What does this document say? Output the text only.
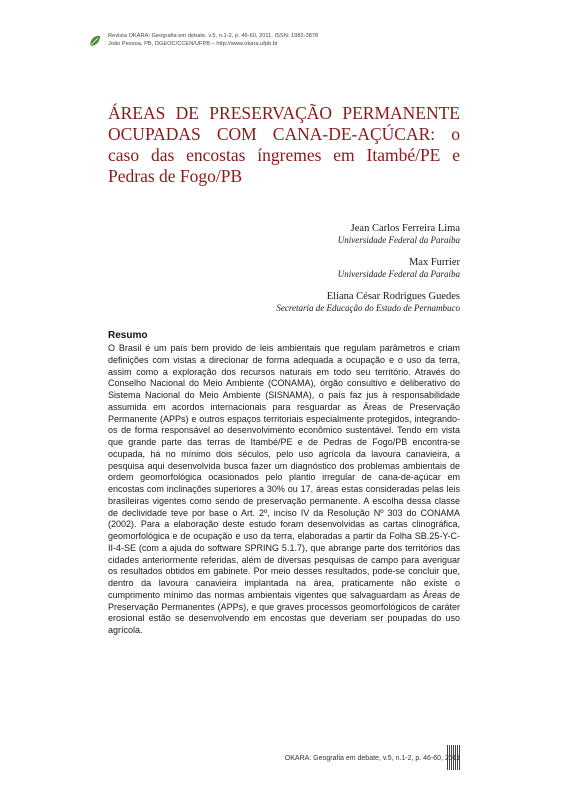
Revista OKARA: Geografia em debate, v.5, n.1-2, p. 46-60, 2011. ISSN: 1982-3878
João Pessoa, PB, DGEOC/CCEN/UFPB – http://www.okara.ufpb.br
ÁREAS DE PRESERVAÇÃO PERMANENTE OCUPADAS COM CANA-DE-AÇÚCAR: o caso das encostas íngremes em Itambé/PE e Pedras de Fogo/PB
Jean Carlos Ferreira Lima
Universidade Federal da Paraíba
Max Furrier
Universidade Federal da Paraíba
Eliana César Rodrigues Guedes
Secretaria de Educação do Estado de Pernambuco
Resumo

O Brasil é um país bem provido de leis ambientais que regulam parâmetros e criam definições com vistas a direcionar de forma adequada a ocupação e o uso da terra, assim como a exploração dos recursos naturais em todo seu território. Através do Conselho Nacional do Meio Ambiente (CONAMA), órgão consultivo e deliberativo do Sistema Nacional do Meio Ambiente (SISNAMA), o país faz jus à responsabilidade assumida em acordos internacionais para resguardar as Áreas de Preservação Permanente (APPs) e outros espaços territoriais especialmente protegidos, integrando-os de forma responsável ao desenvolvimento econômico sustentável. Tendo em vista que grande parte das terras de Itambé/PE e de Pedras de Fogo/PB encontra-se ocupada, há no mínimo dois séculos, pelo uso agrícola da lavoura canavieira, a pesquisa aqui desenvolvida busca fazer um diagnóstico dos problemas ambientais de ordem geomorfológica ocasionados pelo plantio irregular de cana-de-açúcar em encostas com inclinações superiores a 30% ou 17, áreas estas consideradas pelas leis brasileiras vigentes como sendo de preservação permanente. A escolha dessa classe de declividade teve por base o Art. 2º, inciso IV da Resolução Nº 303 do CONAMA (2002). Para a elaboração deste estudo foram desenvolvidas as cartas clinográfica, geomorfológica e de ocupação e uso da terra, elaboradas a partir da Folha SB.25-Y-C-II-4-SE (com a ajuda do software SPRING 5.1.7), que abrange parte dos territórios das cidades anteriormente referidas, além de diversas pesquisas de campo para averiguar os resultados obtidos em gabinete. Por meio desses resultados, pode-se concluir que, dentro da lavoura canavieira implantada na área, praticamente não existe o cumprimento mínimo das normas ambientais vigentes que salvaguardam as Áreas de Preservação Permanentes (APPs), e que graves processos geomorfológicos de caráter erosional estão se desenvolvendo em encostas que deveriam ser poupadas do uso agrícola.

OKARA: Geografia em debate, v.5, n.1-2, p. 46-60, 2011
